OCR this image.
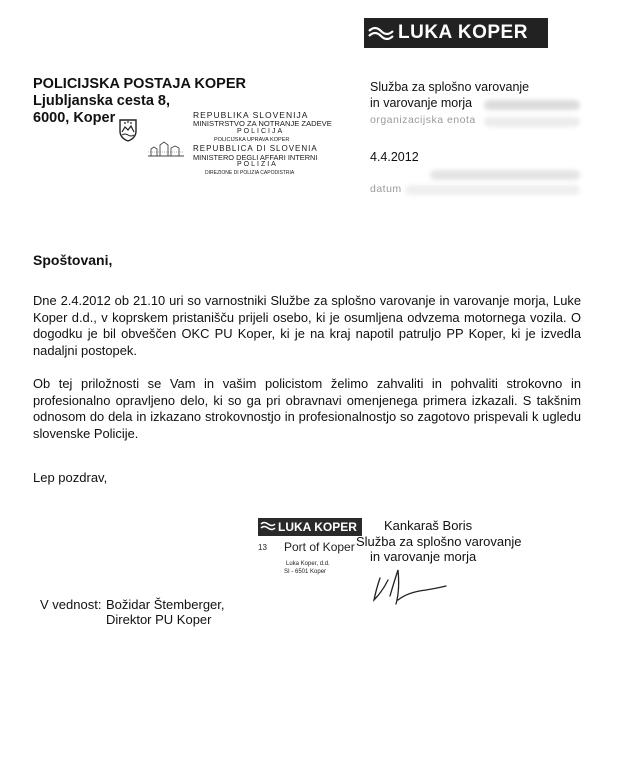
LUKA KOPER
POLICIJSKA POSTAJA KOPER
Ljubljanska cesta 8,
6000, Koper	REPUBLIKA SLOVENIJA
MINISTRSTVO ZA NOTRANJE ZADEVE
POLICIJA
POLICIJSKA UPRAVA KOPER
REPUBBLICA DI SLOVENIA
MINISTERO DEGLI AFFARI INTERNI
POLIZIA
DIREZIONE DI POLIZIA CAPODISTRIA
Služba za splošno varovanje
in varovanje morja
organizacijska enota
4.4.2012
datum
Spoštovani,

Dne 2.4.2012 ob 21.10 uri so varnostniki Službe za splošno varovanje in varovanje morja, Luke Koper d.d., v koprskem pristanišču prijeli osebo, ki je osumljena odvzema motornega vozila. O dogodku je bil obveščen OKC PU Koper, ki je na kraj napotil patruljo PP Koper, ki je izvedla nadaljni postopek.

Ob tej priložnosti se Vam in vašim policistom želimo zahvaliti in pohvaliti strokovno in profesionalno opravljeno delo, ki so ga pri obravnavi omenjenega primera izkazali. S takšnim odnosom do dela in izkazano strokovnostjo in profesionalnostjo so zagotovo prispevali k ugledu slovenske Policije.

Lep pozdrav,
LUKA KOPER
13 Port of Koper
Luka Koper, d.d.
SI - 6501 Koper
Kankaraš Boris
Služba za splošno varovanje
in varovanje morja
V vednost: Božidar Štemberger,
Direktor PU Koper
